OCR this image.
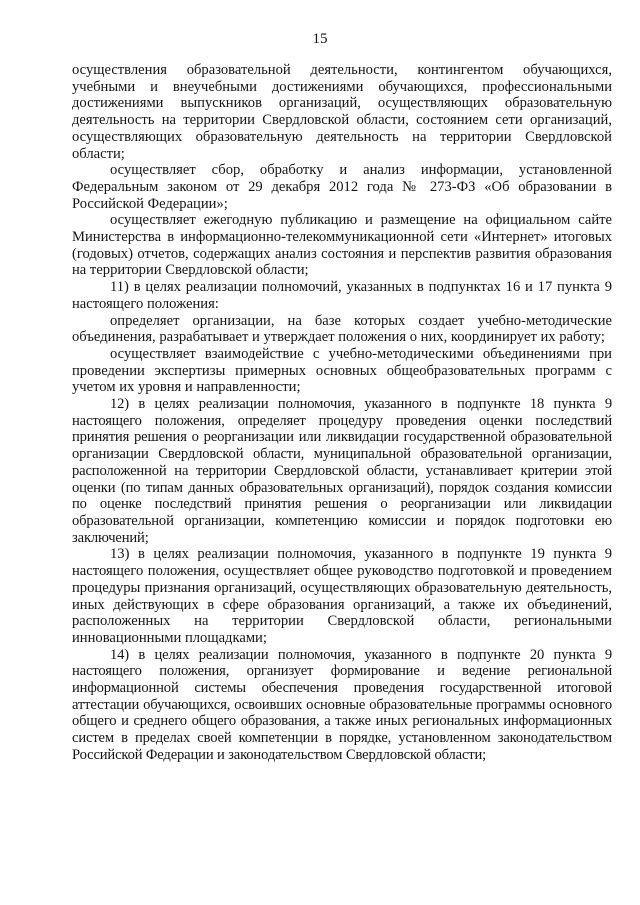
15

осуществления образовательной деятельности, контингентом обучающихся, учебными и внеучебными достижениями обучающихся, профессиональными достижениями выпускников организаций, осуществляющих образовательную деятельность на территории Свердловской области, состоянием сети организаций, осуществляющих образовательную деятельность на территории Свердловской области;

осуществляет сбор, обработку и анализ информации, установленной Федеральным законом от 29 декабря 2012 года № 273-ФЗ «Об образовании в Российской Федерации»;

осуществляет ежегодную публикацию и размещение на официальном сайте Министерства в информационно-телекоммуникационной сети «Интернет» итоговых (годовых) отчетов, содержащих анализ состояния и перспектив развития образования на территории Свердловской области;

11) в целях реализации полномочий, указанных в подпунктах 16 и 17 пункта 9 настоящего положения:

определяет организации, на базе которых создает учебно-методические объединения, разрабатывает и утверждает положения о них, координирует их работу;

осуществляет взаимодействие с учебно-методическими объединениями при проведении экспертизы примерных основных общеобразовательных программ с учетом их уровня и направленности;

12) в целях реализации полномочия, указанного в подпункте 18 пункта 9 настоящего положения, определяет процедуру проведения оценки последствий принятия решения о реорганизации или ликвидации государственной образовательной организации Свердловской области, муниципальной образовательной организации, расположенной на территории Свердловской области, устанавливает критерии этой оценки (по типам данных образовательных организаций), порядок создания комиссии по оценке последствий принятия решения о реорганизации или ликвидации образовательной организации, компетенцию комиссии и порядок подготовки ею заключений;

13) в целях реализации полномочия, указанного в подпункте 19 пункта 9 настоящего положения, осуществляет общее руководство подготовкой и проведением процедуры признания организаций, осуществляющих образовательную деятельность, иных действующих в сфере образования организаций, а также их объединений, расположенных на территории Свердловской области, региональными инновационными площадками;

14) в целях реализации полномочия, указанного в подпункте 20 пункта 9 настоящего положения, организует формирование и ведение региональной информационной системы обеспечения проведения государственной итоговой аттестации обучающихся, освоивших основные образовательные программы основного общего и среднего общего образования, а также иных региональных информационных систем в пределах своей компетенции в порядке, установленном законодательством Российской Федерации и законодательством Свердловской области;
